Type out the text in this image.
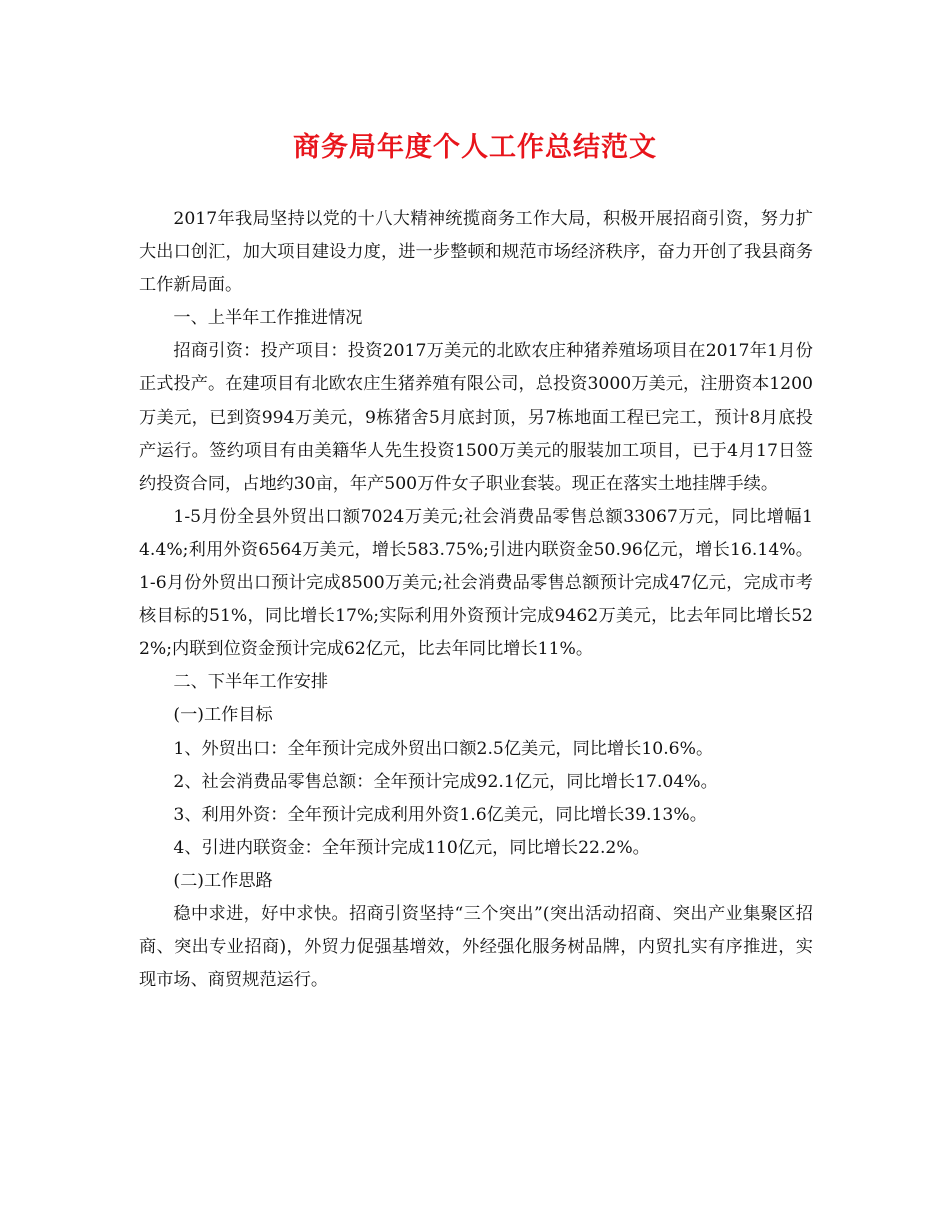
商务局年度个人工作总结范文

2017年我局坚持以党的十八大精神统揽商务工作大局，积极开展招商引资，努力扩大出口创汇，加大项目建设力度，进一步整顿和规范市场经济秩序，奋力开创了我县商务工作新局面。

一、上半年工作推进情况

招商引资：投产项目：投资2017万美元的北欧农庄种猪养殖场项目在2017年1月份正式投产。在建项目有北欧农庄生猪养殖有限公司，总投资3000万美元，注册资本1200万美元，已到资994万美元，9栋猪舍5月底封顶，另7栋地面工程已完工，预计8月底投产运行。签约项目有由美籍华人先生投资1500万美元的服装加工项目，已于4月17日签约投资合同，占地约30亩，年产500万件女子职业套装。现正在落实土地挂牌手续。

1-5月份全县外贸出口额7024万美元;社会消费品零售总额33067万元，同比增幅14.4%;利用外资6564万美元，增长583.75%;引进内联资金50.96亿元，增长16.14%。1-6月份外贸出口预计完成8500万美元;社会消费品零售总额预计完成47亿元，完成市考核目标的51%，同比增长17%;实际利用外资预计完成9462万美元，比去年同比增长522%;内联到位资金预计完成62亿元，比去年同比增长11%。

二、下半年工作安排

(一)工作目标

1、外贸出口：全年预计完成外贸出口额2.5亿美元，同比增长10.6%。

2、社会消费品零售总额：全年预计完成92.1亿元，同比增长17.04%。

3、利用外资：全年预计完成利用外资1.6亿美元，同比增长39.13%。

4、引进内联资金：全年预计完成110亿元，同比增长22.2%。

(二)工作思路

稳中求进，好中求快。招商引资坚持“三个突出”(突出活动招商、突出产业集聚区招商、突出专业招商)，外贸力促强基增效，外经强化服务树品牌，内贸扎实有序推进，实现市场、商贸规范运行。
